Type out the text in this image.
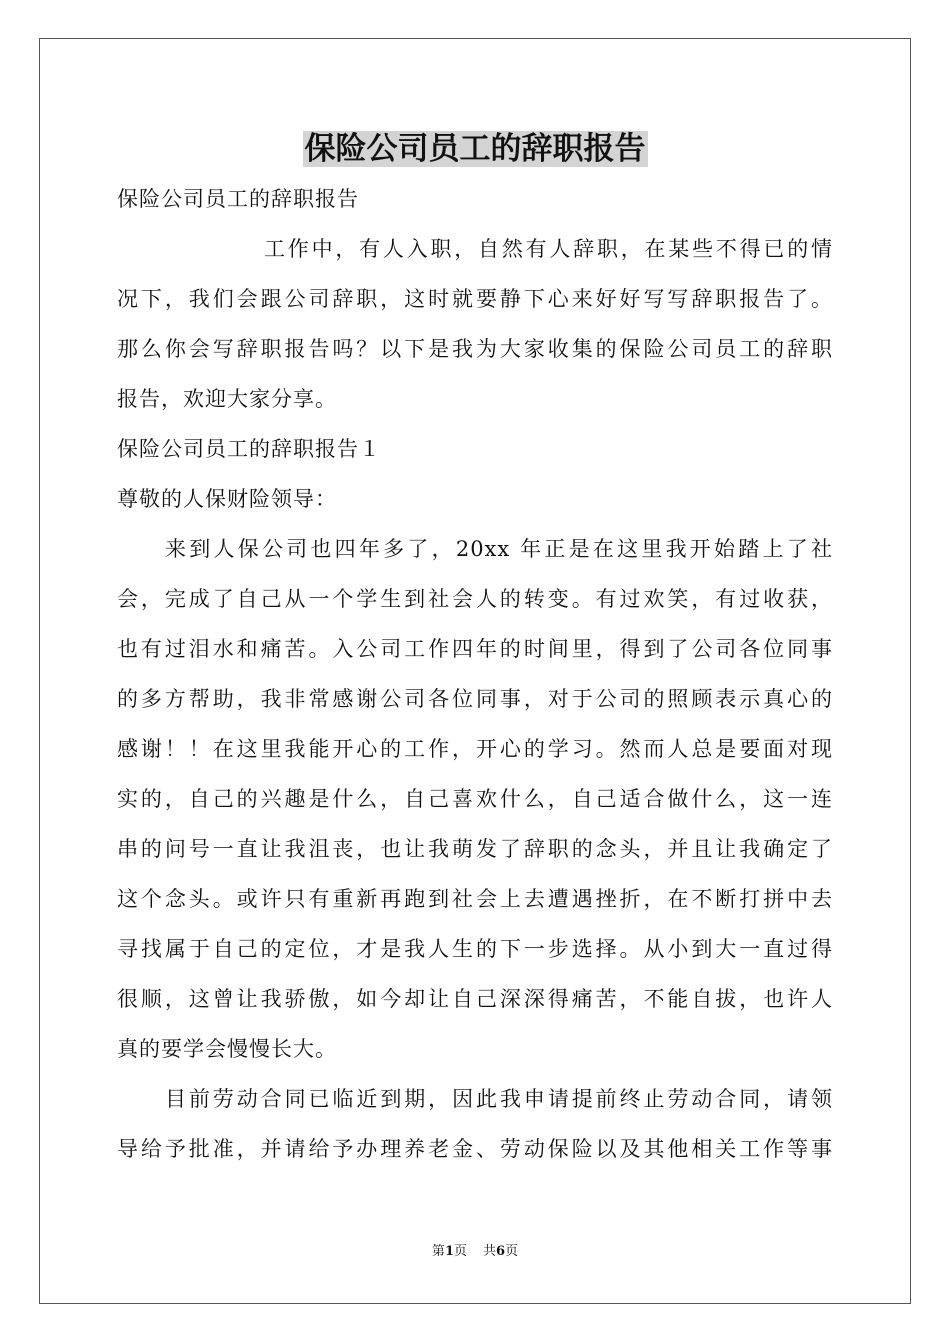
保险公司员工的辞职报告
保险公司员工的辞职报告
工作中，有人入职，自然有人辞职，在某些不得已的情
况下，我们会跟公司辞职，这时就要静下心来好好写写辞职报告了。
那么你会写辞职报告吗？以下是我为大家收集的保险公司员工的辞职
报告，欢迎大家分享。
保险公司员工的辞职报告１
尊敬的人保财险领导：
来到人保公司也四年多了，20xx 年正是在这里我开始踏上了社
会，完成了自己从一个学生到社会人的转变。有过欢笑，有过收获，
也有过泪水和痛苦。入公司工作四年的时间里，得到了公司各位同事
的多方帮助，我非常感谢公司各位同事，对于公司的照顾表示真心的
感谢！！在这里我能开心的工作，开心的学习。然而人总是要面对现
实的，自己的兴趣是什么，自己喜欢什么，自己适合做什么，这一连
串的问号一直让我沮丧，也让我萌发了辞职的念头，并且让我确定了
这个念头。或许只有重新再跑到社会上去遭遇挫折，在不断打拼中去
寻找属于自己的定位，才是我人生的下一步选择。从小到大一直过得
很顺，这曾让我骄傲，如今却让自己深深得痛苦，不能自拔，也许人
真的要学会慢慢长大。
目前劳动合同已临近到期，因此我申请提前终止劳动合同，请领
导给予批准，并请给予办理养老金、劳动保险以及其他相关工作等事
第1页 共6页
